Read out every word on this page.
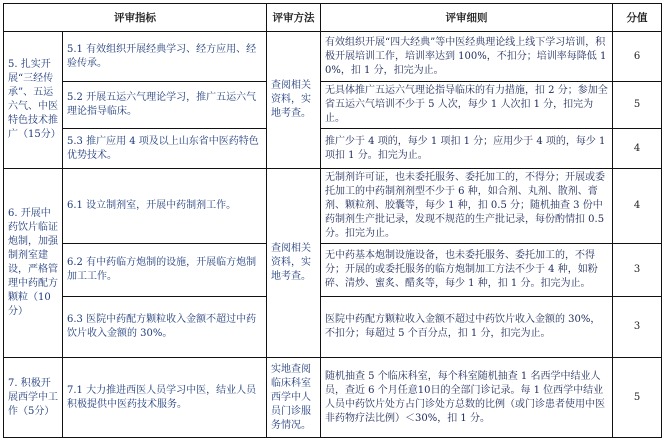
评审指标		评审方法	评审细则	分值
5. 扎实开展“三经传承”、五运六气、中医特色技术推广（15分）	5.1 有效组织开展经典学习、经方应用、经验传承。	查阅相关资料，实地考查。	有效组织开展“四大经典”等中医经典理论线上线下学习培训，积极开展培训工作，培训率达到 100%，不扣分；培训率每降低 10%，扣 1 分，扣完为止。	6
	5.2 开展五运六气理论学习，推广五运六气理论指导临床。		无具体推广五运六气理论指导临床的有力措施，扣 2 分；参加全省五运六气培训不少于 5 人次，每少 1 人次扣 1 分，扣完为止。	5
	5.3 推广应用 4 项及以上山东省中医药特色优势技术。		推广少于 4 项的，每少 1 项扣 1 分；应用少于 4 项的，每少 1 项扣 1 分。扣完为止。	4
6. 开展中药饮片临证炮制，加强制剂室建设，严格管理中药配方颗粒（10分）	6.1 设立制剂室，开展中药制剂工作。	查阅相关资料，实地考查。	无制剂许可证，也未委托服务、委托加工的，不得分；开展或委托加工的中药制剂剂型不少于 6 种，如合剂、丸剂、散剂、膏剂、颗粒剂、胶囊等，每少 1 种，扣 0.5 分；随机抽查 3 份中药制剂生产批记录，发现不规范的生产批记录，每份酌情扣 0.5 分。扣完为止。	4
	6.2 有中药临方炮制的设施，开展临方炮制加工工作。		无中药基本炮制设施设备，也未委托服务、委托加工的，不得分；开展的或委托服务的临方炮制加工方法不少于 4 种，如粉碎、清炒、蜜炙、醋炙等，每少 1 种，扣 1 分。扣完为止。	3
	6.3 医院中药配方颗粒收入金额不超过中药饮片收入金额的 30%。		医院中药配方颗粒收入金额不超过中药饮片收入金额的 30%，不扣分；每超过 5 个百分点，扣 1 分，扣完为止。	3
7. 积极开展西学中工作（5分）	7.1 大力推进西医人员学习中医，结业人员积极提供中医药技术服务。	实地查阅临床科室西学中人员门诊服务情况。	随机抽查 5 个临床科室，每个科室随机抽查 1 名西学中结业人员，查近 6 个月任意10日的全部门诊记录。每 1 位西学中结业人员中药饮片处方占门诊处方总数的比例（或门诊患者使用中医非药物疗法比例）＜30%，扣 1 分。	5
